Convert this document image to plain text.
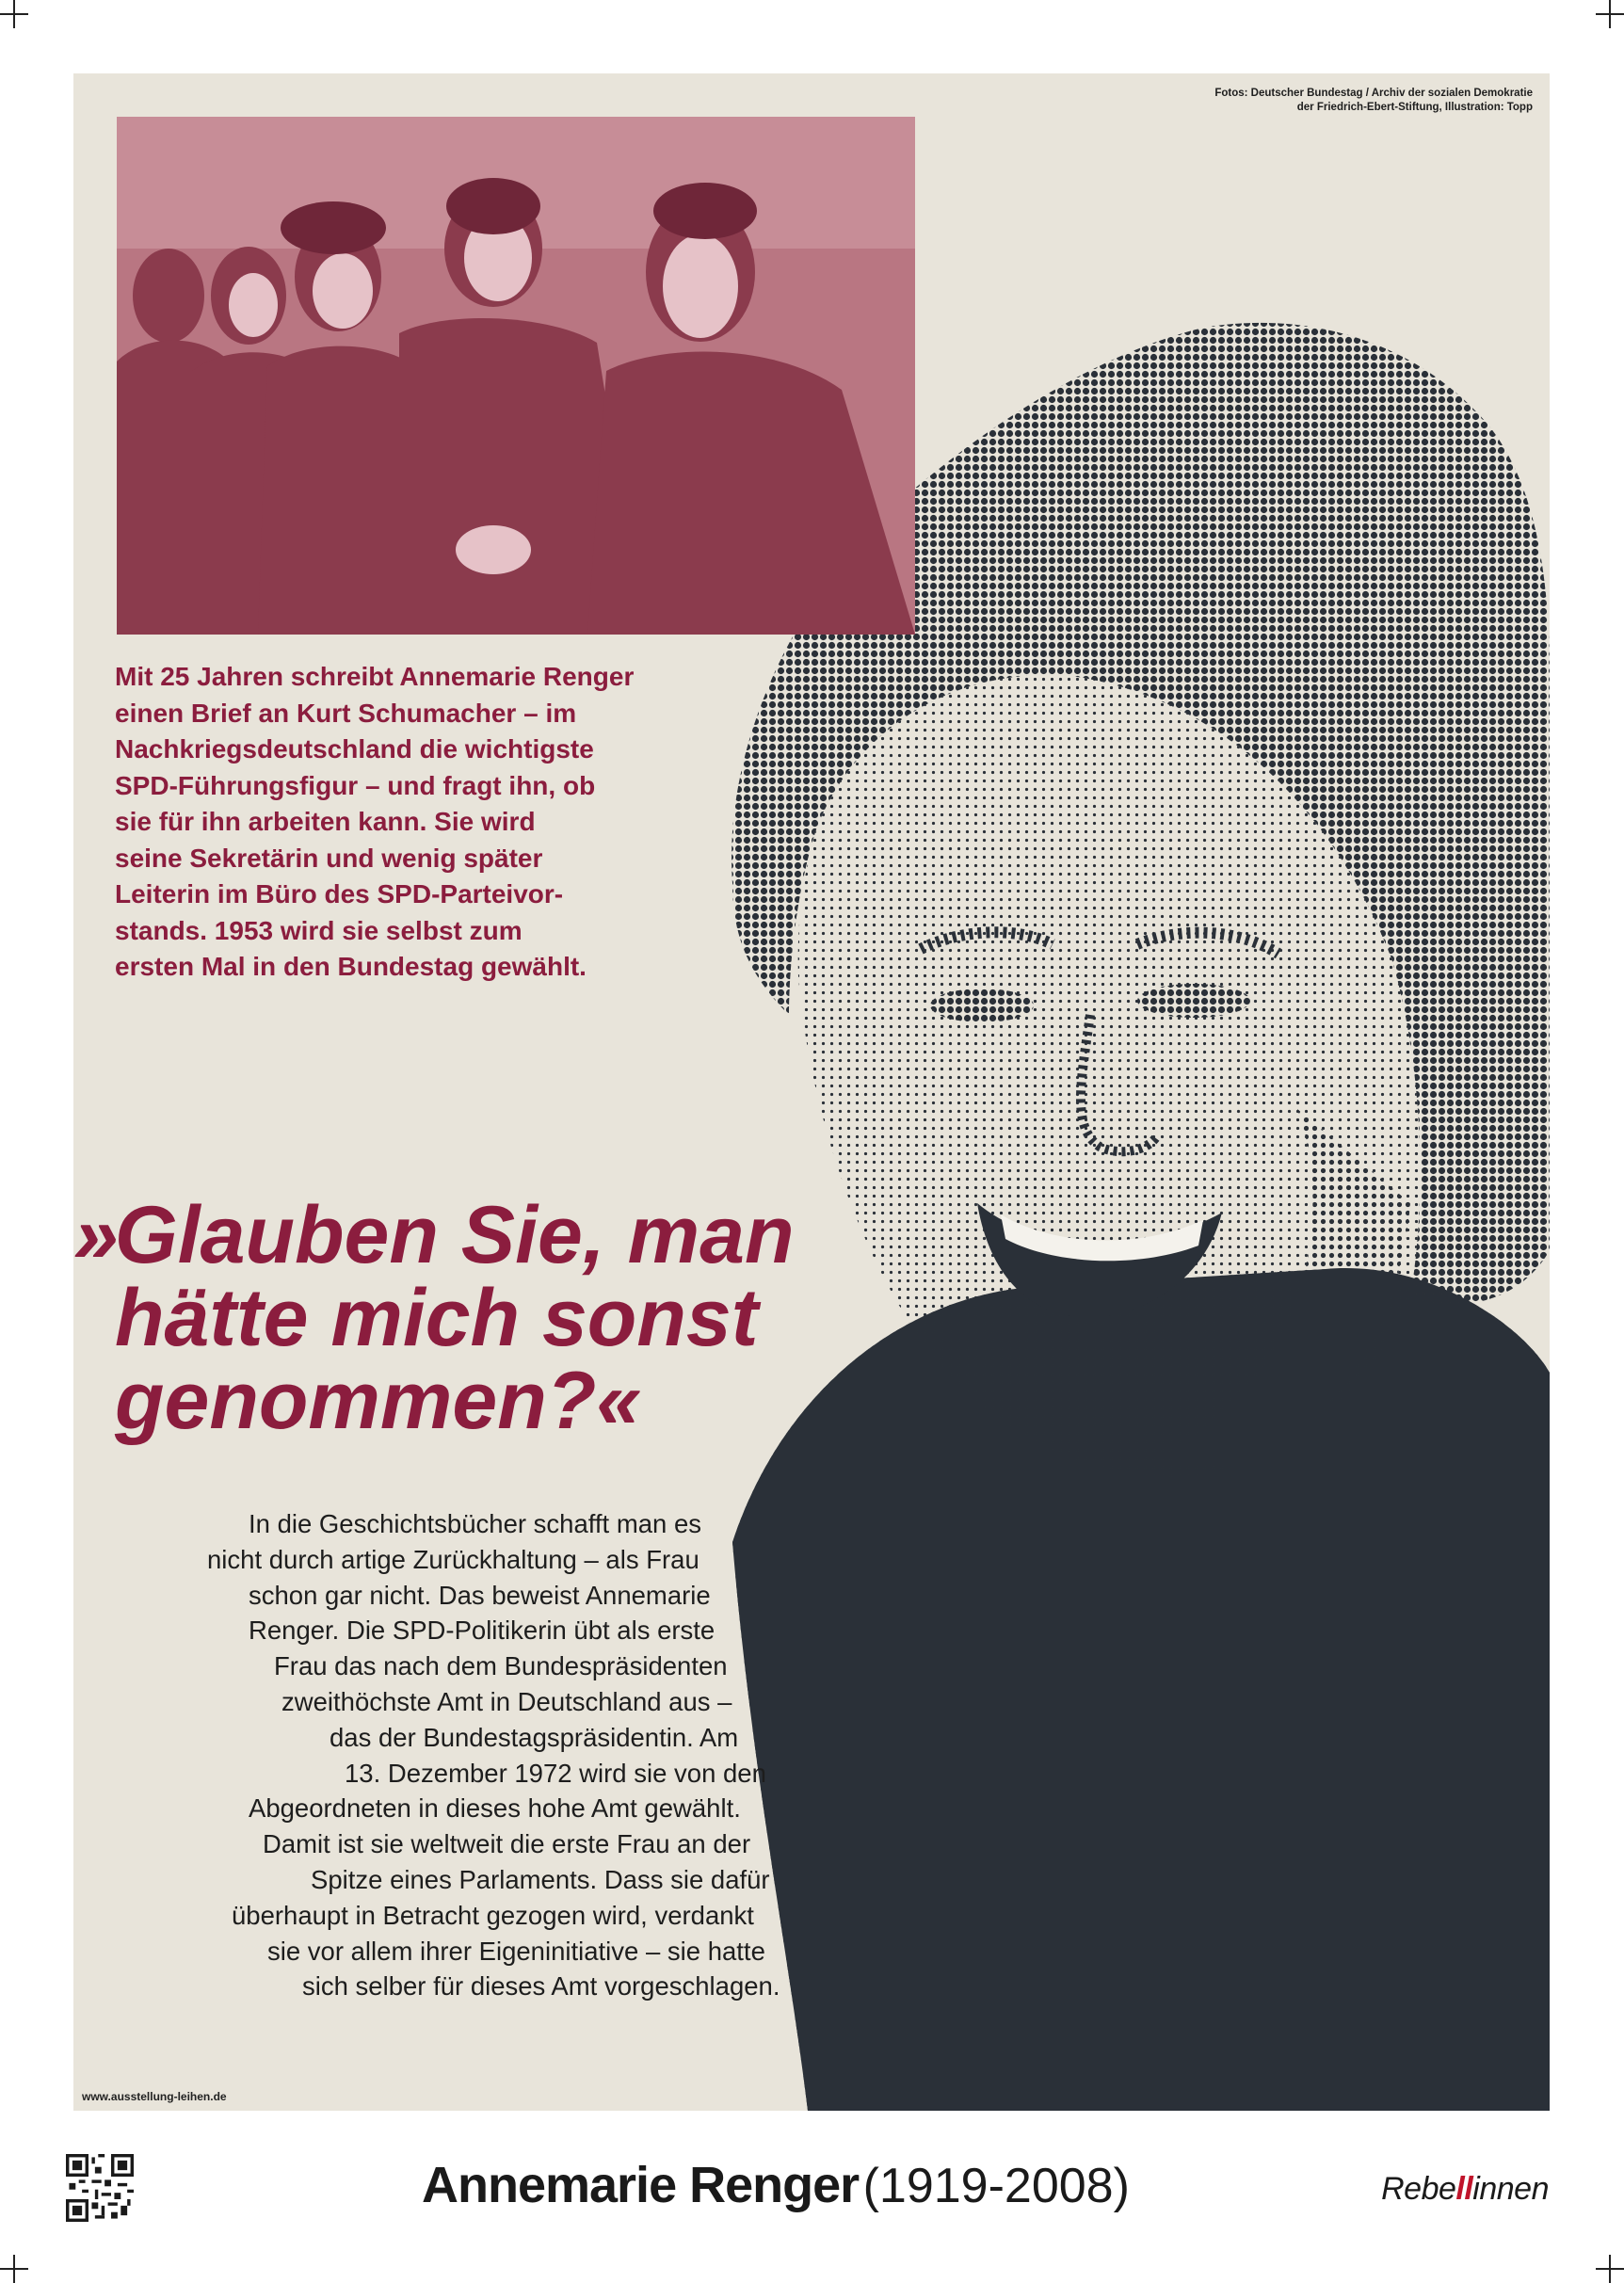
Fotos: Deutscher Bundestag / Archiv der sozialen Demokratie
der Friedrich-Ebert-Stiftung, Illustration: Topp
Mit 25 Jahren schreibt Annemarie Renger
einen Brief an Kurt Schumacher – im
Nachkriegsdeutschland die wichtigste
SPD-Führungsfigur – und fragt ihn, ob
sie für ihn arbeiten kann. Sie wird
seine Sekretärin und wenig später
Leiterin im Büro des SPD-Parteivor-
stands. 1953 wird sie selbst zum
ersten Mal in den Bundestag gewählt.
»Glauben Sie, man
hätte mich sonst
genommen?«
In die Geschichtsbücher schafft man es
nicht durch artige Zurückhaltung – als Frau
schon gar nicht. Das beweist Annemarie
Renger. Die SPD-Politikerin übt als erste
Frau das nach dem Bundespräsidenten
zweithöchste Amt in Deutschland aus –
das der Bundestagspräsidentin. Am
13. Dezember 1972 wird sie von den
Abgeordneten in dieses hohe Amt gewählt.
Damit ist sie weltweit die erste Frau an der
Spitze eines Parlaments. Dass sie dafür
überhaupt in Betracht gezogen wird, verdankt
sie vor allem ihrer Eigeninitiative – sie hatte
sich selber für dieses Amt vorgeschlagen.
www.ausstellung-leihen.de
Annemarie Renger (1919-2008)	Rebellinnen
